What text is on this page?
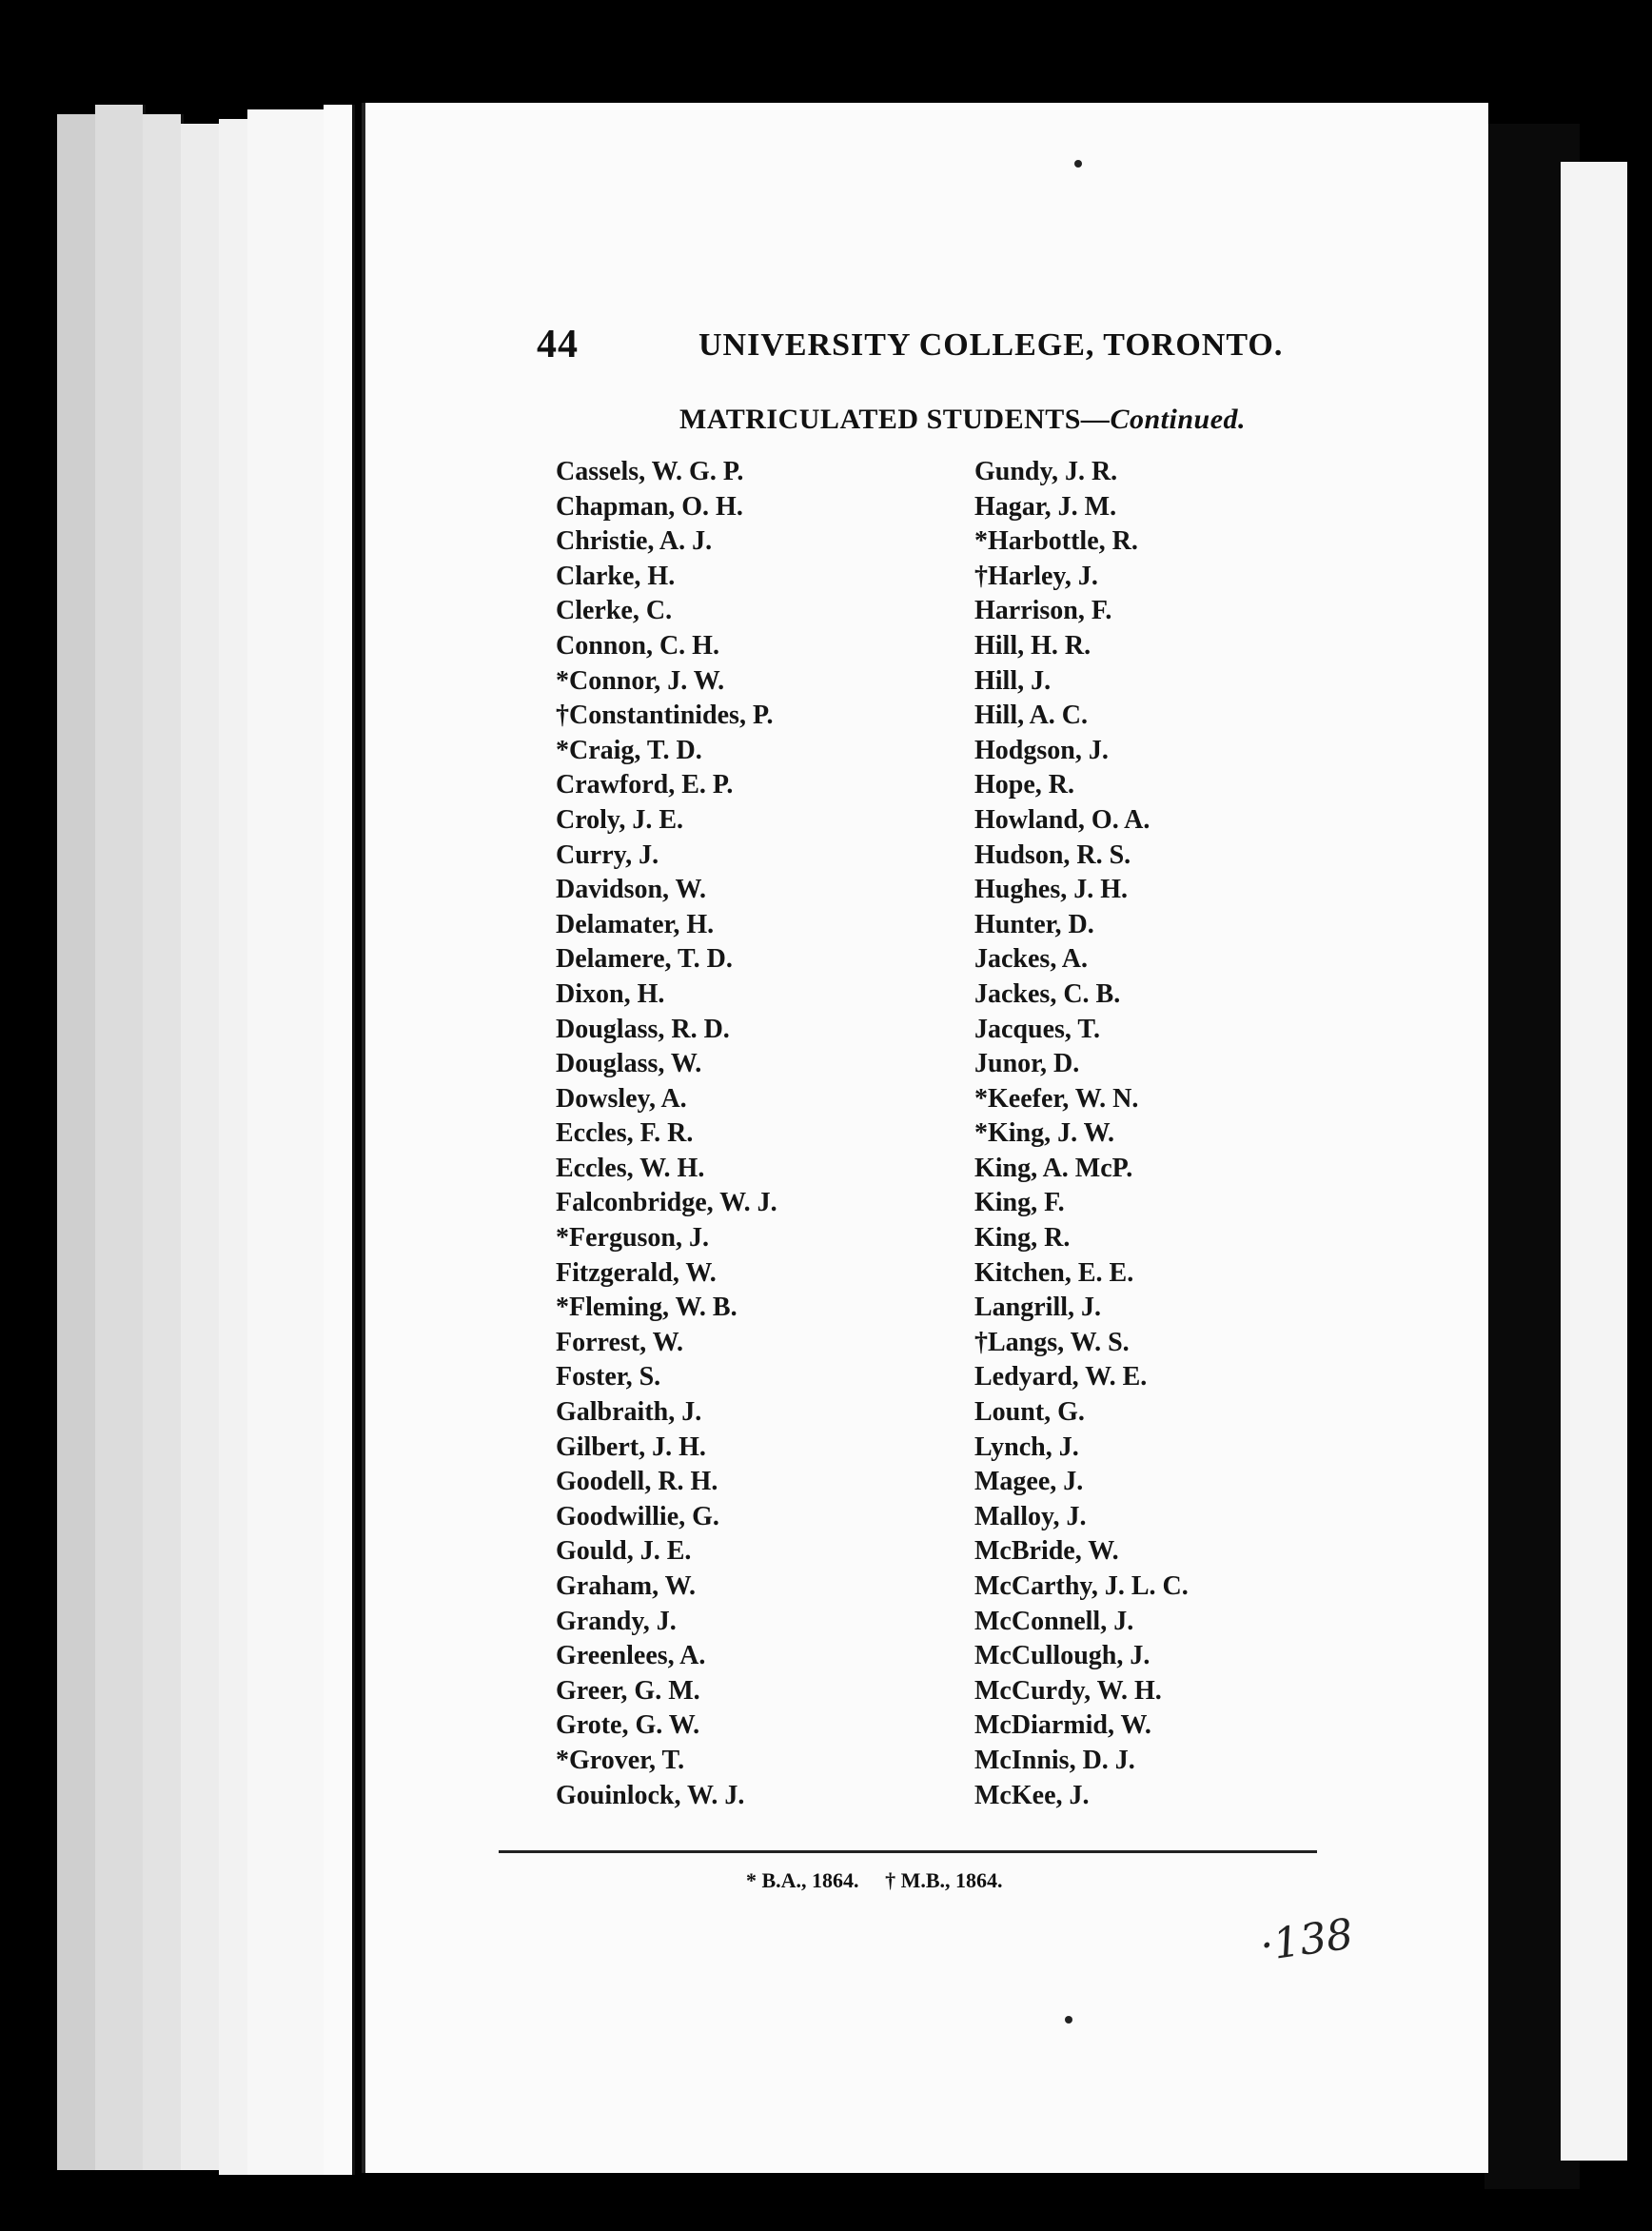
44	UNIVERSITY COLLEGE, TORONTO.
MATRICULATED STUDENTS—Continued.
Cassels, W. G. P.
Chapman, O. H.
Christie, A. J.
Clarke, H.
Clerke, C.
Connon, C. H.
*Connor, J. W.
†Constantinides, P.
*Craig, T. D.
Crawford, E. P.
Croly, J. E.
Curry, J.
Davidson, W.
Delamater, H.
Delamere, T. D.
Dixon, H.
Douglass, R. D.
Douglass, W.
Dowsley, A.
Eccles, F. R.
Eccles, W. H.
Falconbridge, W. J.
*Ferguson, J.
Fitzgerald, W.
*Fleming, W. B.
Forrest, W.
Foster, S.
Galbraith, J.
Gilbert, J. H.
Goodell, R. H.
Goodwillie, G.
Gould, J. E.
Graham, W.
Grandy, J.
Greenlees, A.
Greer, G. M.
Grote, G. W.
*Grover, T.
Gouinlock, W. J.
Gundy, J. R.
Hagar, J. M.
*Harbottle, R.
†Harley, J.
Harrison, F.
Hill, H. R.
Hill, J.
Hill, A. C.
Hodgson, J.
Hope, R.
Howland, O. A.
Hudson, R. S.
Hughes, J. H.
Hunter, D.
Jackes, A.
Jackes, C. B.
Jacques, T.
Junor, D.
*Keefer, W. N.
*King, J. W.
King, A. McP.
King, F.
King, R.
Kitchen, E. E.
Langrill, J.
†Langs, W. S.
Ledyard, W. E.
Lount, G.
Lynch, J.
Magee, J.
Malloy, J.
McBride, W.
McCarthy, J. L. C.
McConnell, J.
McCullough, J.
McCurdy, W. H.
McDiarmid, W.
McInnis, D. J.
McKee, J.
* B.A., 1864. † M.B., 1864.
·138
